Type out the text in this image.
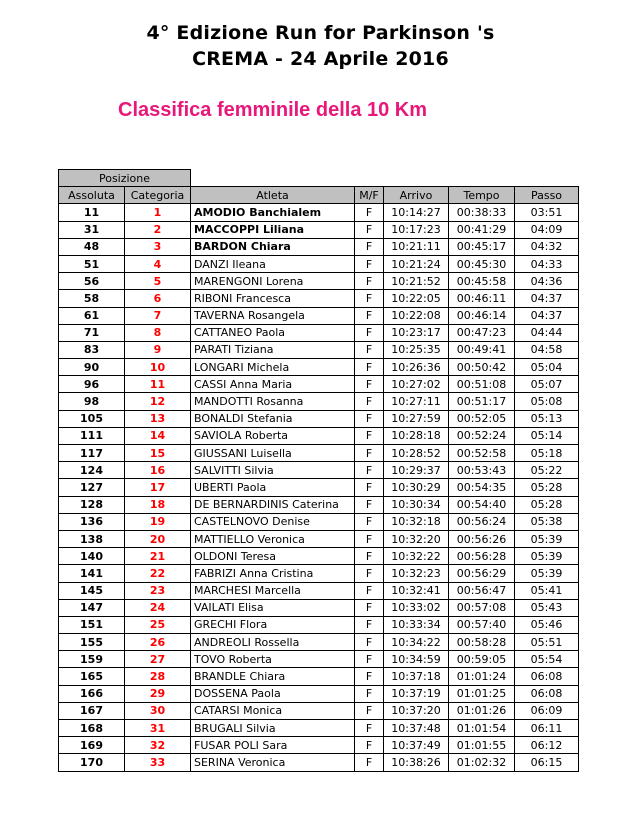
4° Edizione Run for Parkinson 's
CREMA - 24 Aprile 2016
Classifica femminile della 10 Km
Posizione						
Assoluta	Categoria	Atleta	M/F	Arrivo	Tempo	Passo
11	1	AMODIO Banchialem	F	10:14:27	00:38:33	03:51
31	2	MACCOPPI Liliana	F	10:17:23	00:41:29	04:09
48	3	BARDON Chiara	F	10:21:11	00:45:17	04:32
51	4	DANZI Ileana	F	10:21:24	00:45:30	04:33
56	5	MARENGONI Lorena	F	10:21:52	00:45:58	04:36
58	6	RIBONI Francesca	F	10:22:05	00:46:11	04:37
61	7	TAVERNA Rosangela	F	10:22:08	00:46:14	04:37
71	8	CATTANEO Paola	F	10:23:17	00:47:23	04:44
83	9	PARATI Tiziana	F	10:25:35	00:49:41	04:58
90	10	LONGARI Michela	F	10:26:36	00:50:42	05:04
96	11	CASSI Anna Maria	F	10:27:02	00:51:08	05:07
98	12	MANDOTTI Rosanna	F	10:27:11	00:51:17	05:08
105	13	BONALDI Stefania	F	10:27:59	00:52:05	05:13
111	14	SAVIOLA Roberta	F	10:28:18	00:52:24	05:14
117	15	GIUSSANI Luisella	F	10:28:52	00:52:58	05:18
124	16	SALVITTI Silvia	F	10:29:37	00:53:43	05:22
127	17	UBERTI Paola	F	10:30:29	00:54:35	05:28
128	18	DE BERNARDINIS Caterina	F	10:30:34	00:54:40	05:28
136	19	CASTELNOVO Denise	F	10:32:18	00:56:24	05:38
138	20	MATTIELLO Veronica	F	10:32:20	00:56:26	05:39
140	21	OLDONI Teresa	F	10:32:22	00:56:28	05:39
141	22	FABRIZI Anna Cristina	F	10:32:23	00:56:29	05:39
145	23	MARCHESI Marcella	F	10:32:41	00:56:47	05:41
147	24	VAILATI Elisa	F	10:33:02	00:57:08	05:43
151	25	GRECHI Flora	F	10:33:34	00:57:40	05:46
155	26	ANDREOLI Rossella	F	10:34:22	00:58:28	05:51
159	27	TOVO Roberta	F	10:34:59	00:59:05	05:54
165	28	BRANDLE Chiara	F	10:37:18	01:01:24	06:08
166	29	DOSSENA Paola	F	10:37:19	01:01:25	06:08
167	30	CATARSI Monica	F	10:37:20	01:01:26	06:09
168	31	BRUGALI Silvia	F	10:37:48	01:01:54	06:11
169	32	FUSAR POLI Sara	F	10:37:49	01:01:55	06:12
170	33	SERINA Veronica	F	10:38:26	01:02:32	06:15
